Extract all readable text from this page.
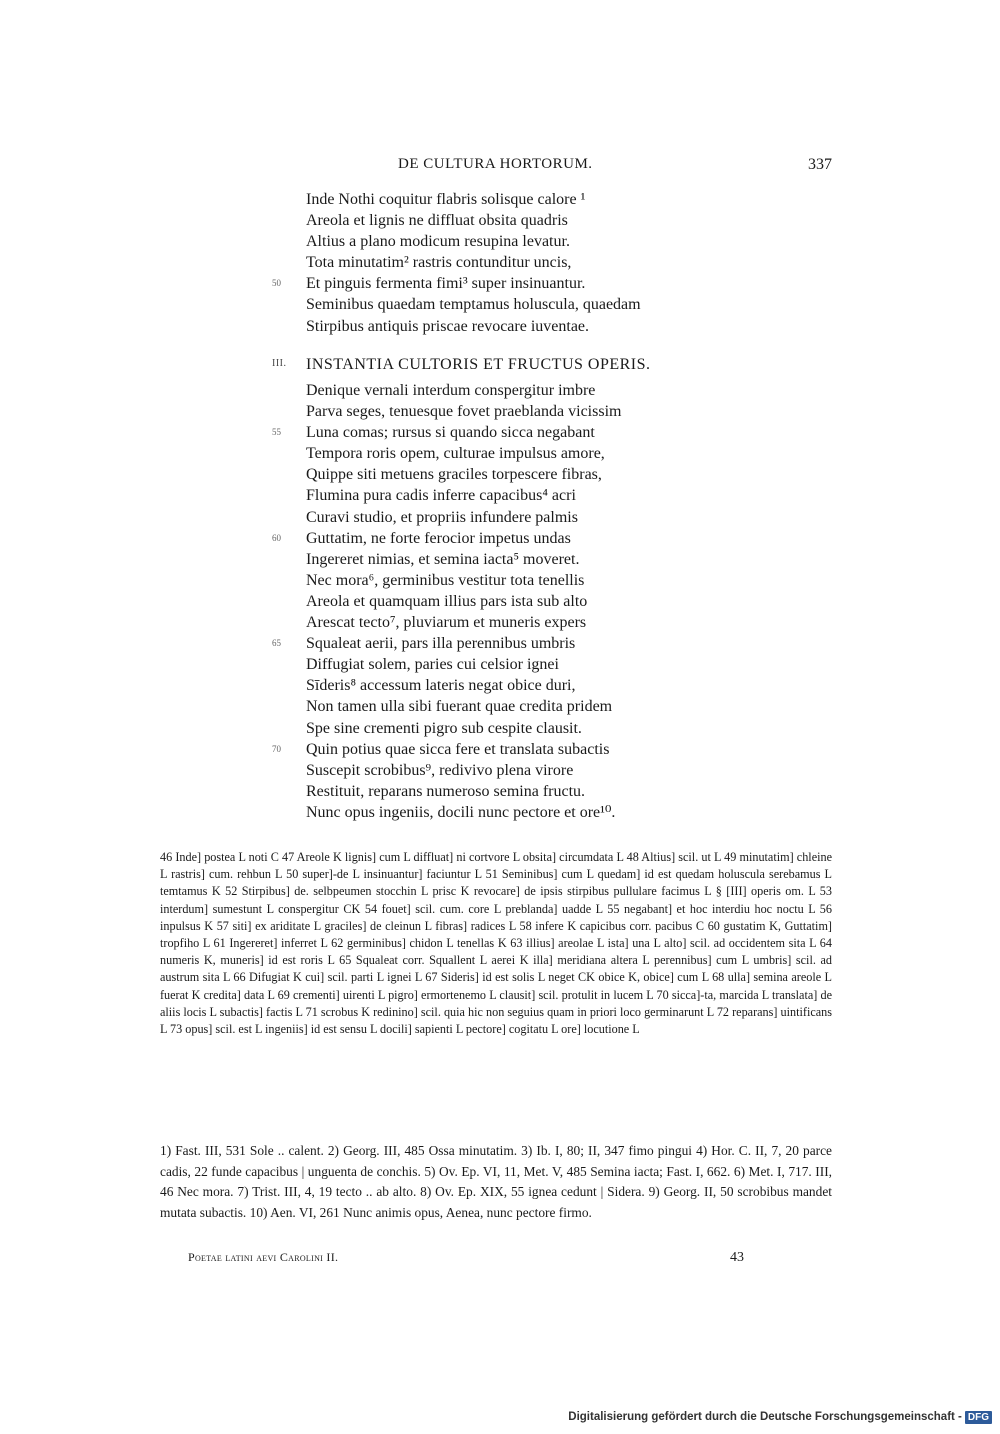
DE CULTURA HORTORUM.	337
Inde Nothi coquitur flabris solisque calore ¹
Areola et lignis ne diffluat obsita quadris
Altius a plano modicum resupina levatur.
Tota minutatim² rastris contunditur uncis,
50 Et pinguis fermenta fimi³ super insinuantur.
Seminibus quaedam temptamus holuscula, quaedam
Stirpibus antiquis priscae revocare iuventae.
III. INSTANTIA CULTORIS ET FRUCTUS OPERIS.
Denique vernali interdum conspergitur imbre
Parva seges, tenuesque fovet praeblanda vicissim
55 Luna comas; rursus si quando sicca negabant
Tempora roris opem, culturae impulsus amore,
Quippe siti metuens graciles torpescere fibras,
Flumina pura cadis inferre capacibus⁴ acri
Curavi studio, et propriis infundere palmis
60 Guttatim, ne forte ferocior impetus undas
Ingereret nimias, et semina iacta⁵ moveret.
Nec mora⁶, germinibus vestitur tota tenellis
Areola et quamquam illius pars ista sub alto
Arescat tecto⁷, pluviarum et muneris expers
65 Squaleat aerii, pars illa perennibus umbris
Diffugiat solem, paries cui celsior ignei
Sīderis⁸ accessum lateris negat obice duri,
Non tamen ulla sibi fuerant quae credita pridem
Spe sine crementi pigro sub cespite clausit.
70 Quin potius quae sicca fere et translata subactis
Suscepit scrobibus⁹, redivivo plena virore
Restituit, reparans numeroso semina fructu.
Nunc opus ingeniis, docili nunc pectore et ore¹⁰.
46 Inde] postea L noti C 47 Areole K lignis] cum L diffluat] ni cortvore L obsita] circumdata L 48 Altius] scil. ut L 49 minutatim] chleine L rastris] cum. rehbun L 50 super]-de L insinuantur] faciuntur L 51 Seminibus] cum L quedam] id est quedam holuscula serebamus L temtamus K 52 Stirpibus] de. selbpeumen stocchin L prisc K revocare] de ipsis stirpibus pullulare facimus L § [III] operis om. L 53 interdum] sumestunt L conspergitur CK 54 fouet] scil. cum. core L preblanda] uadde L 55 negabant] et hoc interdiu hoc noctu L 56 inpulsus K 57 siti] ex ariditate L graciles] de cleinun L fibras] radices L 58 infere K capicibus corr. pacibus C 60 gustatim K, Guttatim] tropfiho L 61 Ingereret] inferret L 62 germinibus] chidon L tenellas K 63 illius] areolae L ista] una L alto] scil. ad occidentem sita L 64 numeris K, muneris] id est roris L 65 Squaleat corr. Squallent L aerei K illa] meridiana altera L perennibus] cum L umbris] scil. ad austrum sita L 66 Difugiat K cui] scil. parti L ignei L 67 Sideris] id est solis L neget CK obice K, obice] cum L 68 ulla] semina areole L fuerat K credita] data L 69 crementi] uirenti L pigro] ermortenemo L clausit] scil. protulit in lucem L 70 sicca]-ta, marcida L translata] de aliis locis L subactis] factis L 71 scrobus K redinino] scil. quia hic non seguius quam in priori loco germinarunt L 72 reparans] uintificans L 73 opus] scil. est L ingeniis] id est sensu L docili] sapienti L pectore] cogitatu L ore] locutione L
1) Fast. III, 531 Sole .. calent. 2) Georg. III, 485 Ossa minutatim. 3) Ib. I, 80; II, 347 fimo pingui 4) Hor. C. II, 7, 20 parce cadis, 22 funde capacibus | unguenta de conchis. 5) Ov. Ep. VI, 11, Met. V, 485 Semina iacta; Fast. I, 662. 6) Met. I, 717. III, 46 Nec mora. 7) Trist. III, 4, 19 tecto .. ab alto. 8) Ov. Ep. XIX, 55 ignea cedunt | Sidera. 9) Georg. II, 50 scrobibus mandet mutata subactis. 10) Aen. VI, 261 Nunc animis opus, Aenea, nunc pectore firmo.
Poetae latini aevi Carolini II.	43
Digitalisierung gefördert durch die Deutsche Forschungsgemeinschaft - DFG
